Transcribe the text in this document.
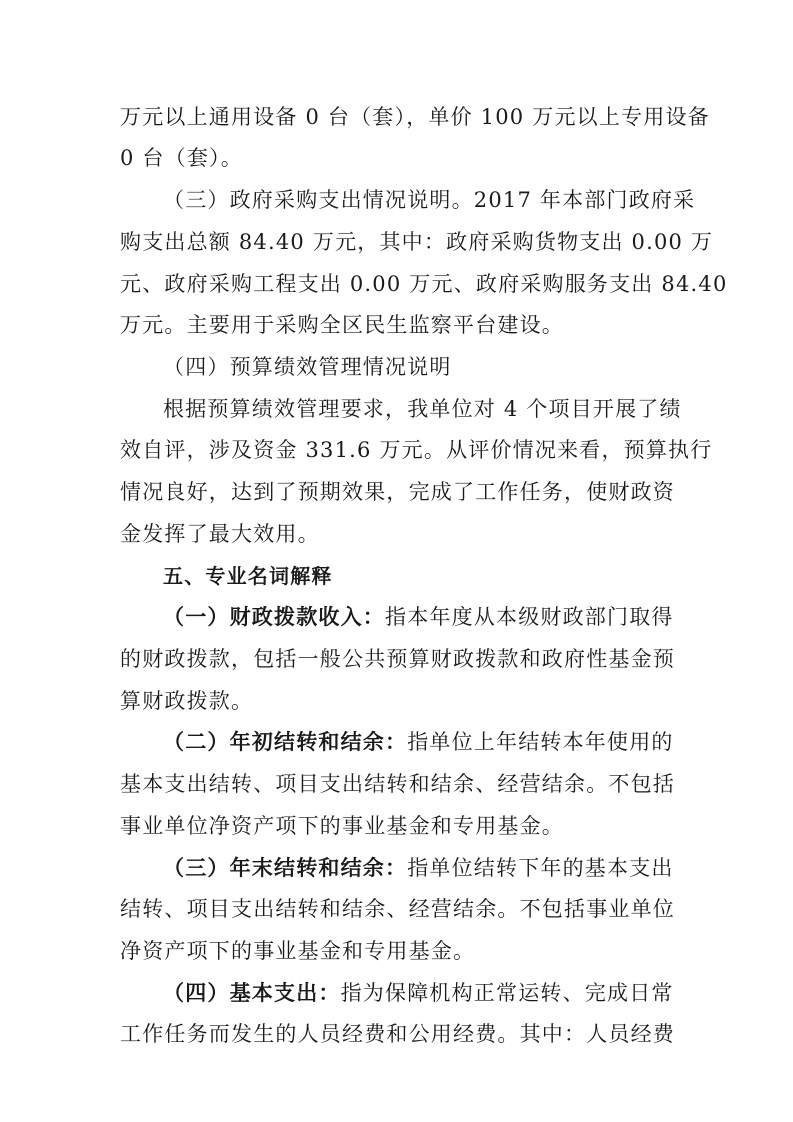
万元以上通用设备 0 台（套），单价 100 万元以上专用设备
0 台（套）。
（三）政府采购支出情况说明。2017 年本部门政府采
购支出总额 84.40 万元，其中：政府采购货物支出 0.00 万
元、政府采购工程支出 0.00 万元、政府采购服务支出 84.40
万元。主要用于采购全区民生监察平台建设。
（四）预算绩效管理情况说明
根据预算绩效管理要求，我单位对 4 个项目开展了绩
效自评，涉及资金 331.6 万元。从评价情况来看，预算执行
情况良好，达到了预期效果，完成了工作任务，使财政资
金发挥了最大效用。
五、专业名词解释
（一）财政拨款收入：指本年度从本级财政部门取得
的财政拨款，包括一般公共预算财政拨款和政府性基金预
算财政拨款。
（二）年初结转和结余：指单位上年结转本年使用的
基本支出结转、项目支出结转和结余、经营结余。不包括
事业单位净资产项下的事业基金和专用基金。
（三）年末结转和结余：指单位结转下年的基本支出
结转、项目支出结转和结余、经营结余。不包括事业单位
净资产项下的事业基金和专用基金。
（四）基本支出：指为保障机构正常运转、完成日常
工作任务而发生的人员经费和公用经费。其中：人员经费
